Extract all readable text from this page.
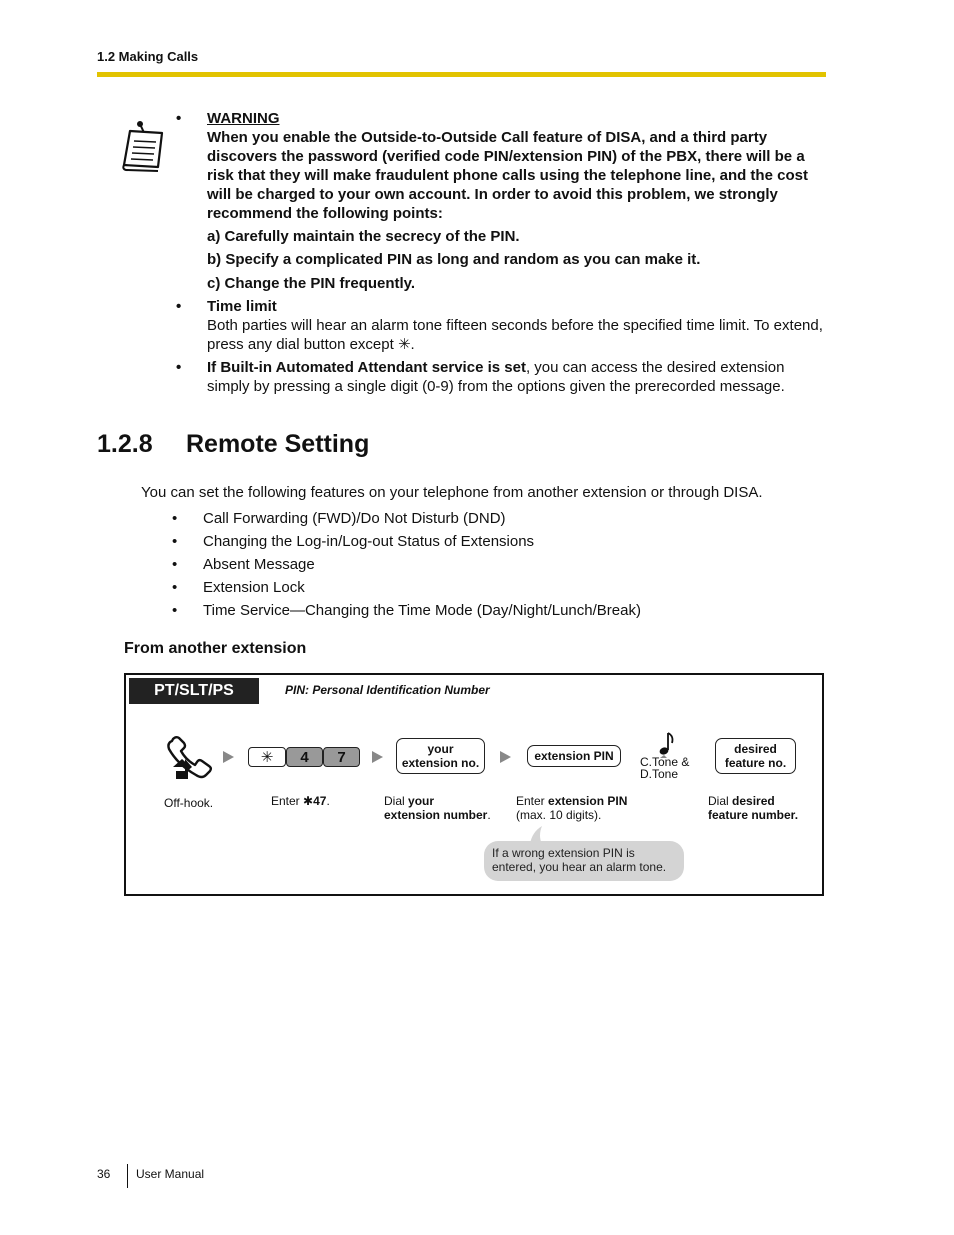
1.2 Making Calls
• WARNING
When you enable the Outside-to-Outside Call feature of DISA, and a third party discovers the password (verified code PIN/extension PIN) of the PBX, there will be a risk that they will make fraudulent phone calls using the telephone line, and the cost will be charged to your own account. In order to avoid this problem, we strongly recommend the following points:
a) Carefully maintain the secrecy of the PIN.
b) Specify a complicated PIN as long and random as you can make it.
c) Change the PIN frequently.
• Time limit
Both parties will hear an alarm tone fifteen seconds before the specified time limit. To extend, press any dial button except ✳.
• If Built-in Automated Attendant service is set, you can access the desired extension simply by pressing a single digit (0-9) from the options given the prerecorded message.
1.2.8 Remote Setting
You can set the following features on your telephone from another extension or through DISA.
• Call Forwarding (FWD)/Do Not Disturb (DND)
• Changing the Log-in/Log-out Status of Extensions
• Absent Message
• Extension Lock
• Time Service—Changing the Time Mode (Day/Night/Lunch/Break)
From another extension
PT/SLT/PS	PIN: Personal Identification Number
✳	4	7	your
extension no.	extension PIN	C.Tone &
D.Tone
desired
feature no.
Off-hook.	Enter ✱47.	Dial your
extension number.
Enter extension PIN
(max. 10 digits).
Dial desired
feature number.
If a wrong extension PIN is entered, you hear an alarm tone.
36 User Manual
